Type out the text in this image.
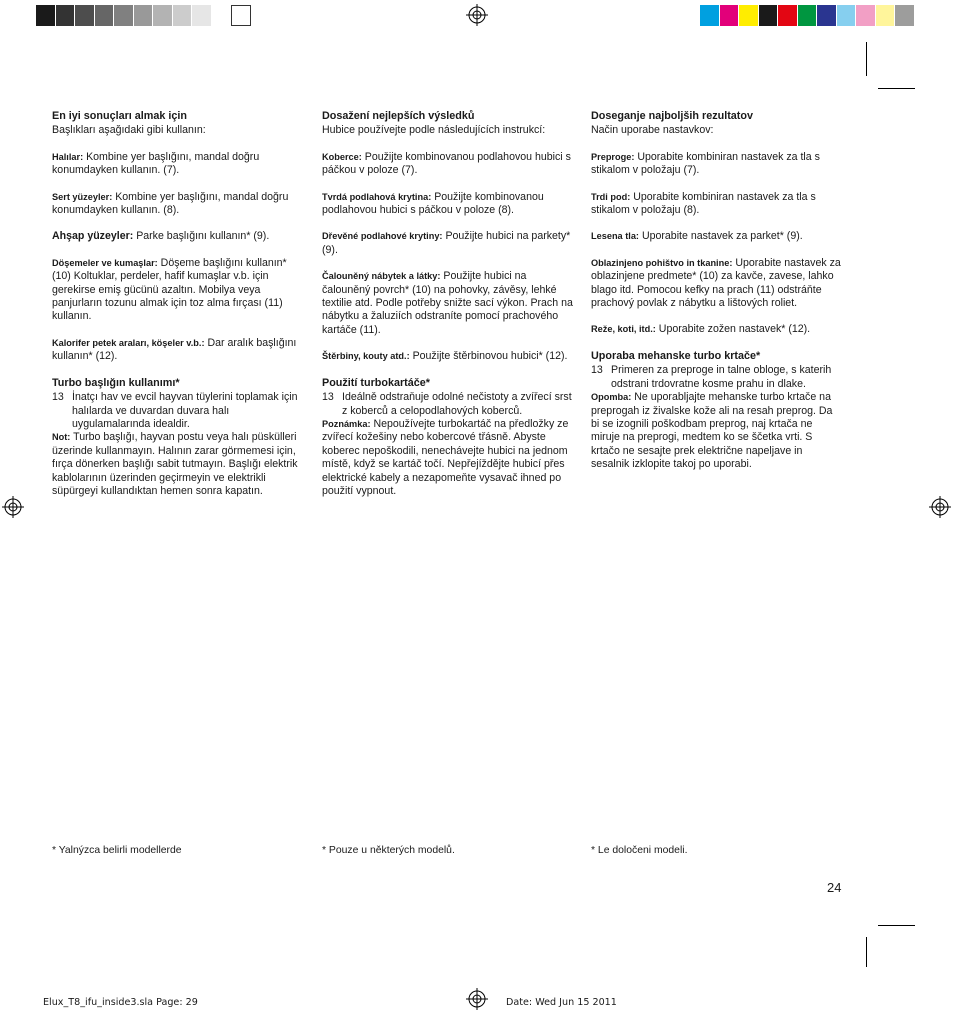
En iyi sonuçları almak için
Başlıkları aşağıdaki gibi kullanın:
Halılar: Kombine yer başlığını, mandal doğru konumdayken kullanın. (7).
Sert yüzeyler: Kombine yer başlığını, mandal doğru konumdayken kullanın. (8).
Ahşap yüzeyler: Parke başlığını kullanın* (9).
Döşemeler ve kumaşlar: Döşeme başlığını kullanın* (10) Koltuklar, perdeler, hafif kumaşlar v.b. için gerekirse emiş gücünü azaltın. Mobilya veya panjurların tozunu almak için toz alma fırçası (11) kullanın.
Kalorifer petek araları, köşeler v.b.: Dar aralık başlığını kullanın* (12).
Turbo başlığın kullanımı*
13 İnatçı hav ve evcil hayvan tüylerini toplamak için halılarda ve duvardan duvara halı uygulamalarında idealdir.
Not: Turbo başlığı, hayvan postu veya halı püskülleri üzerinde kullanmayın. Halının zarar görmemesi için, fırça dönerken başlığı sabit tutmayın. Başlığı elektrik kablolarının üzerinden geçirmeyin ve elektrikli süpürgeyi kullandıktan hemen sonra kapatın.
Dosažení nejlepších výsledků
Hubice používejte podle následujících instrukcí:
Koberce: Použijte kombinovanou podlahovou hubici s páčkou v poloze (7).
Tvrdá podlahová krytina: Použijte kombinovanou podlahovou hubici s páčkou v poloze (8).
Dřevěné podlahové krytiny: Použijte hubici na parkety* (9).
Čalouněný nábytek a látky: Použijte hubici na čalouněný povrch* (10) na pohovky, závěsy, lehké textilie atd. Podle potřeby snižte sací výkon. Prach na nábytku a žaluziích odstraníte pomocí prachového kartáče (11).
Štěrbiny, kouty atd.: Použijte štěrbinovou hubici* (12).
Použití turbokartáče*
13 Ideálně odstraňuje odolné nečistoty a zvířecí srst z koberců a celopodlahových koberců.
Poznámka: Nepoužívejte turbokartáč na předložky ze zvířecí kožešiny nebo kobercové třásně. Abyste koberec nepoškodili, nenechávejte hubici na jednom místě, když se kartáč točí. Nepřejíždějte hubicí přes elektrické kabely a nezapomeňte vysavač ihned po použití vypnout.
Doseganje najboljših rezultatov
Način uporabe nastavkov:
Preproge: Uporabite kombiniran nastavek za tla s stikalom v položaju (7).
Trdi pod: Uporabite kombiniran nastavek za tla s stikalom v položaju (8).
Lesena tla: Uporabite nastavek za parket* (9).
Oblazinjeno pohištvo in tkanine: Uporabite nastavek za oblazinjene predmete* (10) za kavče, zavese, lahko blago itd. Pomocou kefky na prach (11) odstráňte prachový povlak z nábytku a lištových roliet.
Reže, koti, itd.: Uporabite zožen nastavek* (12).
Uporaba mehanske turbo krtače*
13 Primeren za preproge in talne obloge, s katerih odstrani trdovratne kosme prahu in dlake.
Opomba: Ne uporabljajte mehanske turbo krtače na preprogah iz živalske kože ali na resah preprog. Da bi se izognili poškodbam preprog, naj krtača ne miruje na preprogi, medtem ko se ščetka vrti. S krtačo ne sesajte prek električne napeljave in sesalnik izklopite takoj po uporabi.
* Yalnýzca belirli modellerde	* Pouze u některých modelů.	* Le določeni modeli.
24
Elux_T8_ifu_inside3.sla Page: 29	Date: Wed Jun 15 2011
